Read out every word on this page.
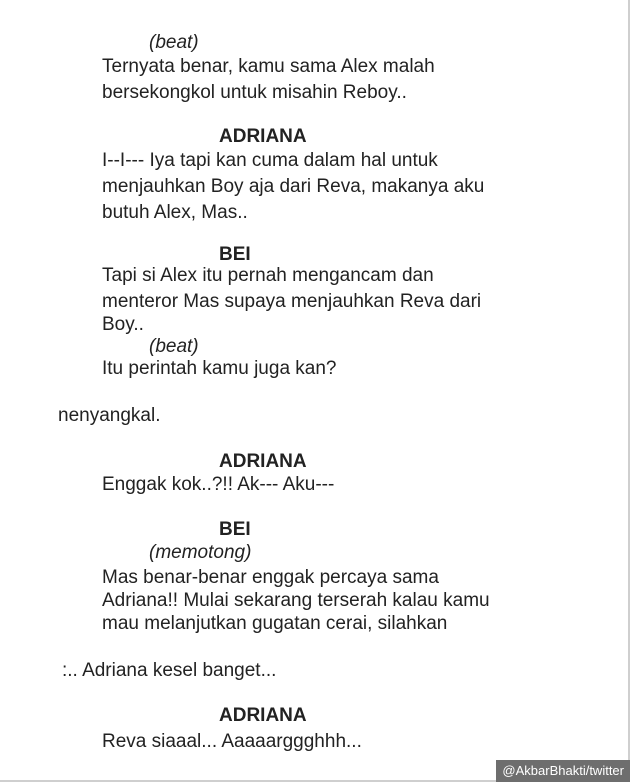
(beat)
Ternyata benar, kamu sama Alex malah
bersekongkol untuk misahin Reboy..
ADRIANA
I--I--- Iya tapi kan cuma dalam hal untuk
menjauhkan Boy aja dari Reva, makanya aku
butuh Alex, Mas..
BEI
Tapi si Alex itu pernah mengancam dan
menteror Mas supaya menjauhkan Reva dari
Boy..
(beat)
Itu perintah kamu juga kan?
nenyangkal.
ADRIANA
Enggak kok..?!! Ak--- Aku---
BEI
(memotong)
Mas benar-benar enggak percaya sama
Adriana!! Mulai sekarang terserah kalau kamu
mau melanjutkan gugatan cerai, silahkan
:.. Adriana kesel banget...
ADRIANA
Reva siaaal... Aaaaarggghhh...
@AkbarBhakti/twitter
